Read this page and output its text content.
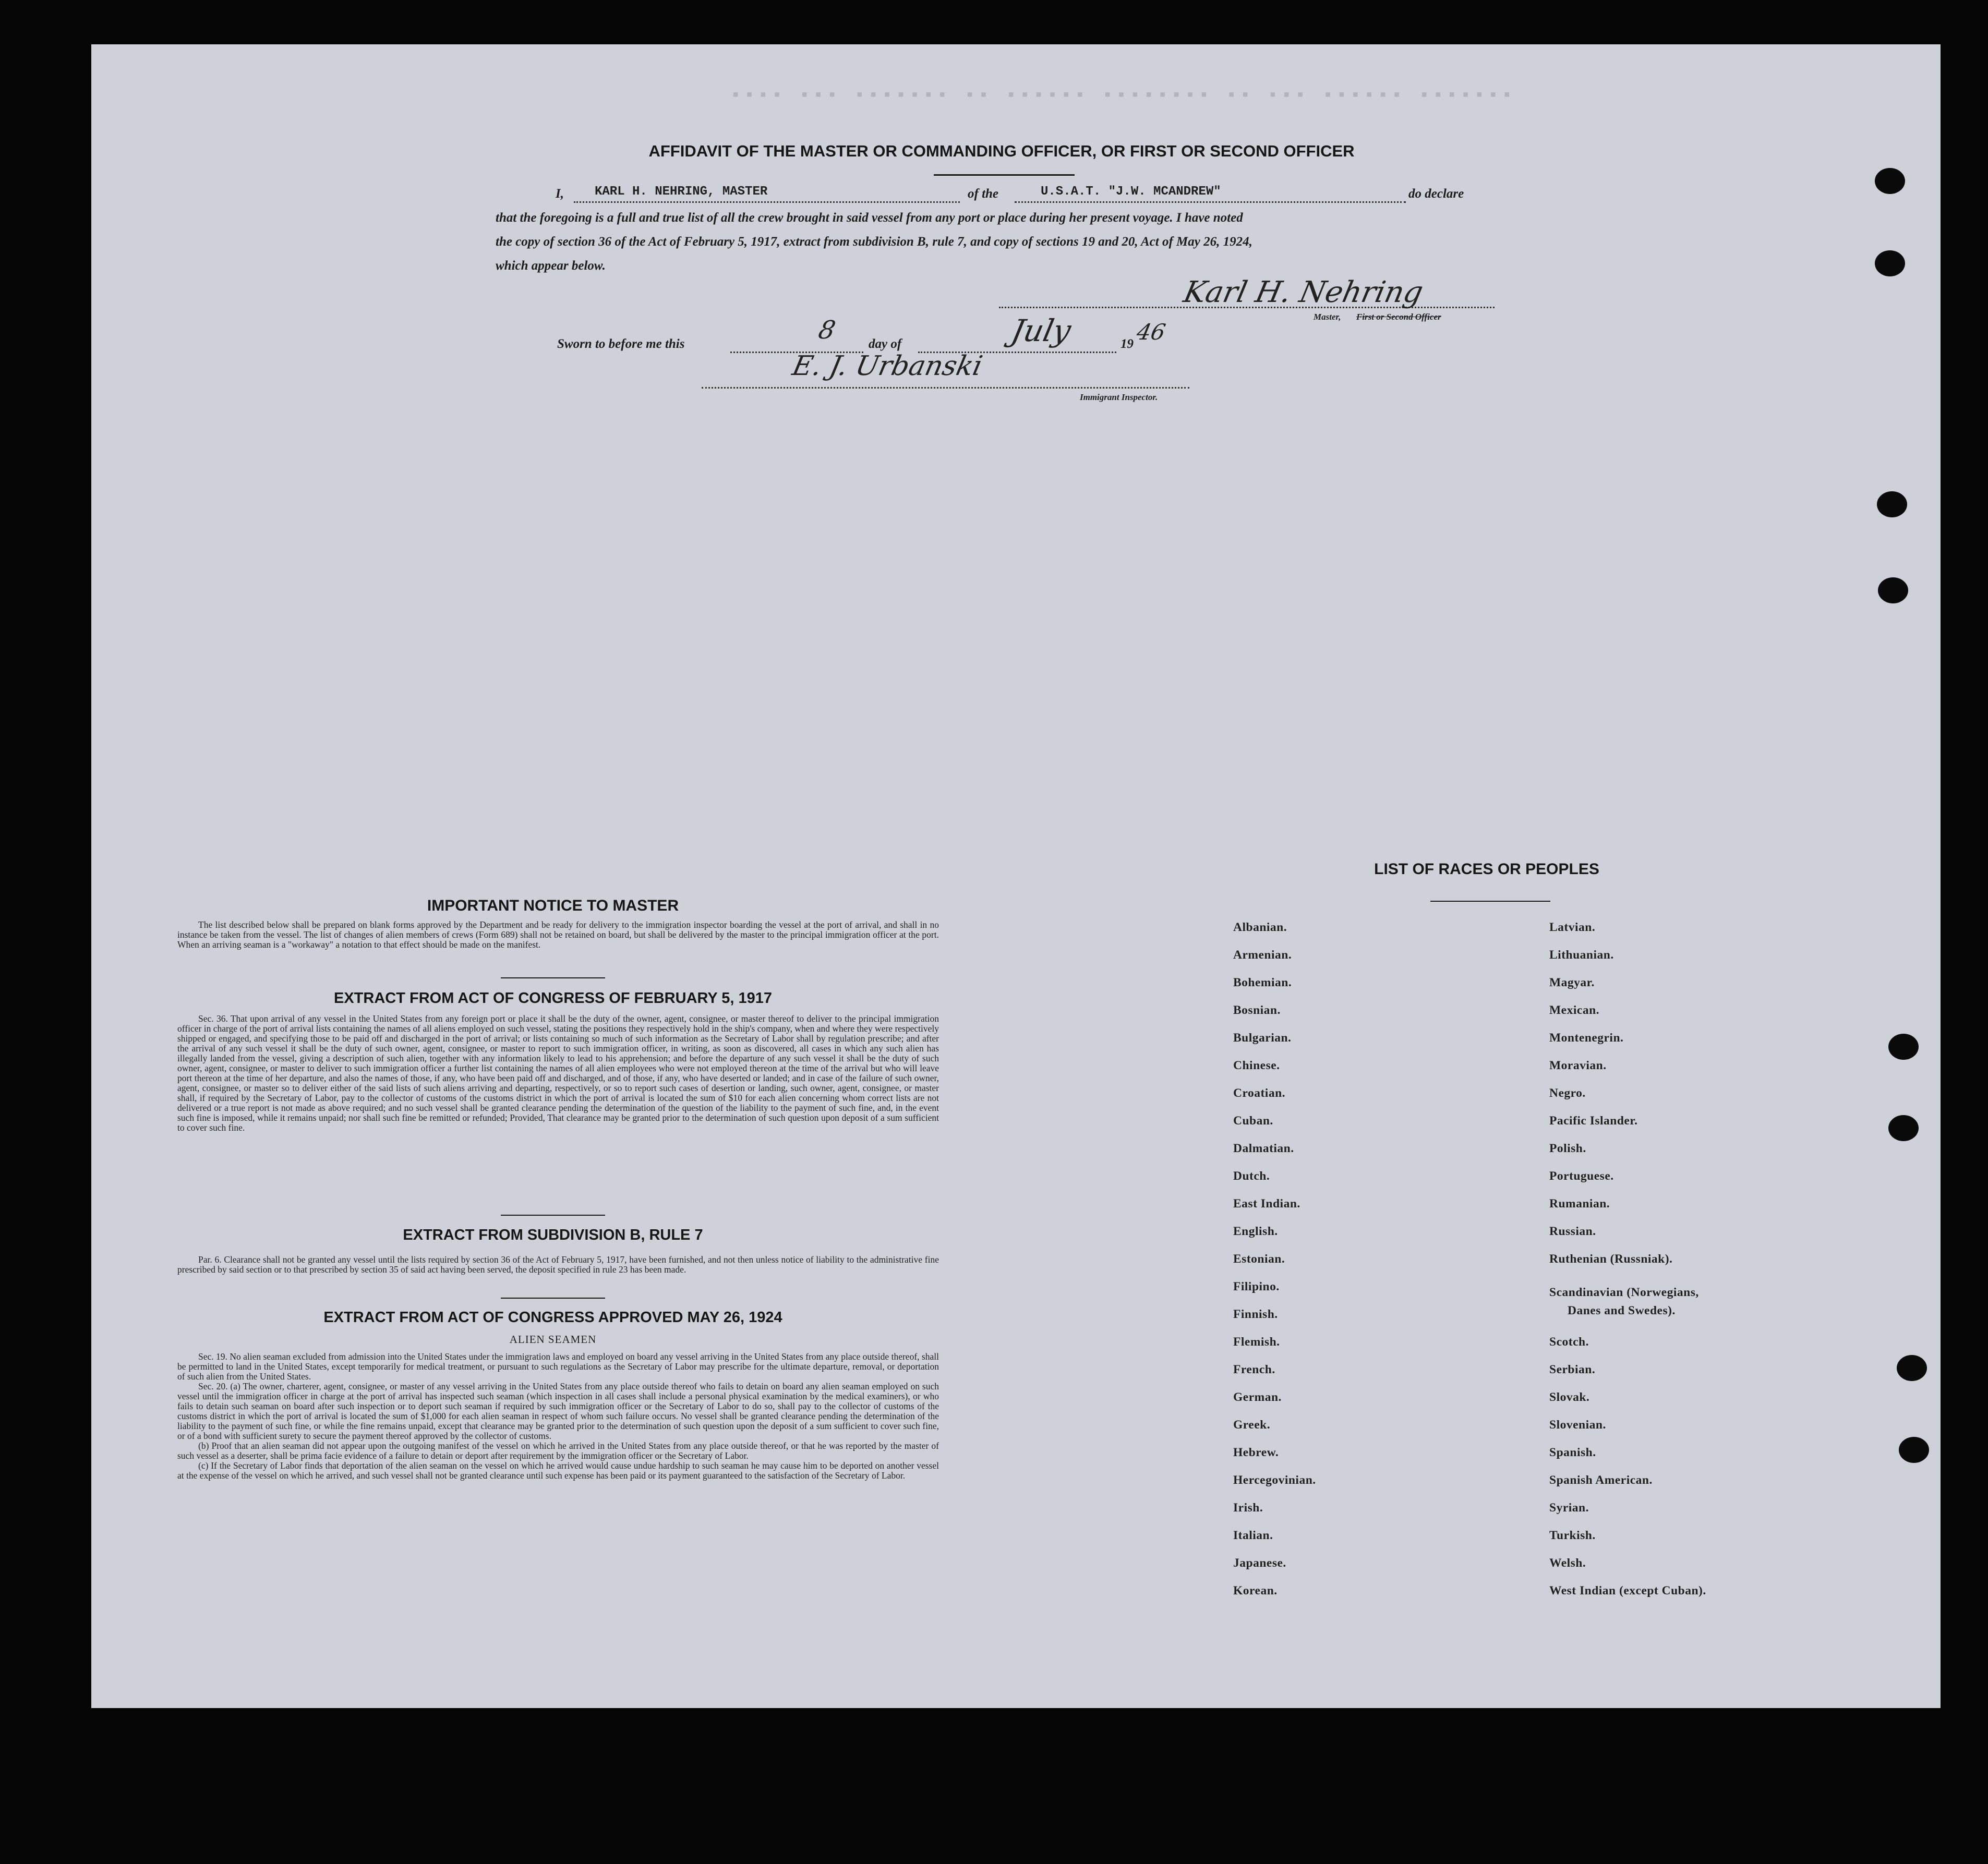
▪▪▪▪ ▪▪▪ ▪▪▪▪▪▪▪ ▪▪ ▪▪▪▪▪▪ ▪▪▪▪▪▪▪▪ ▪▪ ▪▪▪ ▪▪▪▪▪▪ ▪▪▪▪▪▪▪
AFFIDAVIT OF THE MASTER OR COMMANDING OFFICER, OR FIRST OR SECOND OFFICER
I, KARL H. NEHRING, MASTER	of the	U.S.A.T. "J.W. MCANDREW"	do declare
that the foregoing is a full and true list of all the crew brought in said vessel from any port or place during her present voyage. I have noted
the copy of section 36 of the Act of February 5, 1917, extract from subdivision B, rule 7, and copy of sections 19 and 20, Act of May 26, 1924,
which appear below.
Karl H. Nehring
Master, First or Second Officer
Sworn to before me this	8 day of	July	19 46
E. J. Urbanski
Immigrant Inspector.
IMPORTANT NOTICE TO MASTER

The list described below shall be prepared on blank forms approved by the Department and be ready for delivery to the immigration inspector boarding the vessel at the port of arrival, and shall in no instance be taken from the vessel. The list of changes of alien members of crews (Form 689) shall not be retained on board, but shall be delivered by the master to the principal immigration officer at the port. When an arriving seaman is a "workaway" a notation to that effect should be made on the manifest.

EXTRACT FROM ACT OF CONGRESS OF FEBRUARY 5, 1917

Sec. 36. That upon arrival of any vessel in the United States from any foreign port or place it shall be the duty of the owner, agent, consignee, or master thereof to deliver to the principal immigration officer in charge of the port of arrival lists containing the names of all aliens employed on such vessel, stating the positions they respectively hold in the ship's company, when and where they were respectively shipped or engaged, and specifying those to be paid off and discharged in the port of arrival; or lists containing so much of such information as the Secretary of Labor shall by regulation prescribe; and after the arrival of any such vessel it shall be the duty of such owner, agent, consignee, or master to report to such immigration officer, in writing, as soon as discovered, all cases in which any such alien has illegally landed from the vessel, giving a description of such alien, together with any information likely to lead to his apprehension; and before the departure of any such vessel it shall be the duty of such owner, agent, consignee, or master to deliver to such immigration officer a further list containing the names of all alien employees who were not employed thereon at the time of the arrival but who will leave port thereon at the time of her departure, and also the names of those, if any, who have been paid off and discharged, and of those, if any, who have deserted or landed; and in case of the failure of such owner, agent, consignee, or master so to deliver either of the said lists of such aliens arriving and departing, respectively, or so to report such cases of desertion or landing, such owner, agent, consignee, or master shall, if required by the Secretary of Labor, pay to the collector of customs of the customs district in which the port of arrival is located the sum of $10 for each alien concerning whom correct lists are not delivered or a true report is not made as above required; and no such vessel shall be granted clearance pending the determination of the question of the liability to the payment of such fine, and, in the event such fine is imposed, while it remains unpaid; nor shall such fine be remitted or refunded; Provided, That clearance may be granted prior to the determination of such question upon deposit of a sum sufficient to cover such fine.

EXTRACT FROM SUBDIVISION B, RULE 7

Par. 6. Clearance shall not be granted any vessel until the lists required by section 36 of the Act of February 5, 1917, have been furnished, and not then unless notice of liability to the administrative fine prescribed by said section or to that prescribed by section 35 of said act having been served, the deposit specified in rule 23 has been made.

EXTRACT FROM ACT OF CONGRESS APPROVED MAY 26, 1924
ALIEN SEAMEN

Sec. 19. No alien seaman excluded from admission into the United States under the immigration laws and employed on board any vessel arriving in the United States from any place outside thereof, shall be permitted to land in the United States, except temporarily for medical treatment, or pursuant to such regulations as the Secretary of Labor may prescribe for the ultimate departure, removal, or deportation of such alien from the United States.

Sec. 20. (a) The owner, charterer, agent, consignee, or master of any vessel arriving in the United States from any place outside thereof who fails to detain on board any alien seaman employed on such vessel until the immigration officer in charge at the port of arrival has inspected such seaman (which inspection in all cases shall include a personal physical examination by the medical examiners), or who fails to detain such seaman on board after such inspection or to deport such seaman if required by such immigration officer or the Secretary of Labor to do so, shall pay to the collector of customs of the customs district in which the port of arrival is located the sum of $1,000 for each alien seaman in respect of whom such failure occurs. No vessel shall be granted clearance pending the determination of the liability to the payment of such fine, or while the fine remains unpaid, except that clearance may be granted prior to the determination of such question upon the deposit of a sum sufficient to cover such fine, or of a bond with sufficient surety to secure the payment thereof approved by the collector of customs.

(b) Proof that an alien seaman did not appear upon the outgoing manifest of the vessel on which he arrived in the United States from any place outside thereof, or that he was reported by the master of such vessel as a deserter, shall be prima facie evidence of a failure to detain or deport after requirement by the immigration officer or the Secretary of Labor.

(c) If the Secretary of Labor finds that deportation of the alien seaman on the vessel on which he arrived would cause undue hardship to such seaman he may cause him to be deported on another vessel at the expense of the vessel on which he arrived, and such vessel shall not be granted clearance until such expense has been paid or its payment guaranteed to the satisfaction of the Secretary of Labor.

LIST OF RACES OR PEOPLES
Albanian.
Armenian.
Bohemian.
Bosnian.
Bulgarian.
Chinese.
Croatian.
Cuban.
Dalmatian.
Dutch.
East Indian.
English.
Estonian.
Filipino.
Finnish.
Flemish.
French.
German.
Greek.
Hebrew.
Hercegovinian.
Irish.
Italian.
Japanese.
Korean.
Latvian.
Lithuanian.
Magyar.
Mexican.
Montenegrin.
Moravian.
Negro.
Pacific Islander.
Polish.
Portuguese.
Rumanian.
Russian.
Ruthenian (Russniak).
Scandinavian (Norwegians,
Danes and Swedes).
Scotch.
Serbian.
Slovak.
Slovenian.
Spanish.
Spanish American.
Syrian.
Turkish.
Welsh.
West Indian (except Cuban).
